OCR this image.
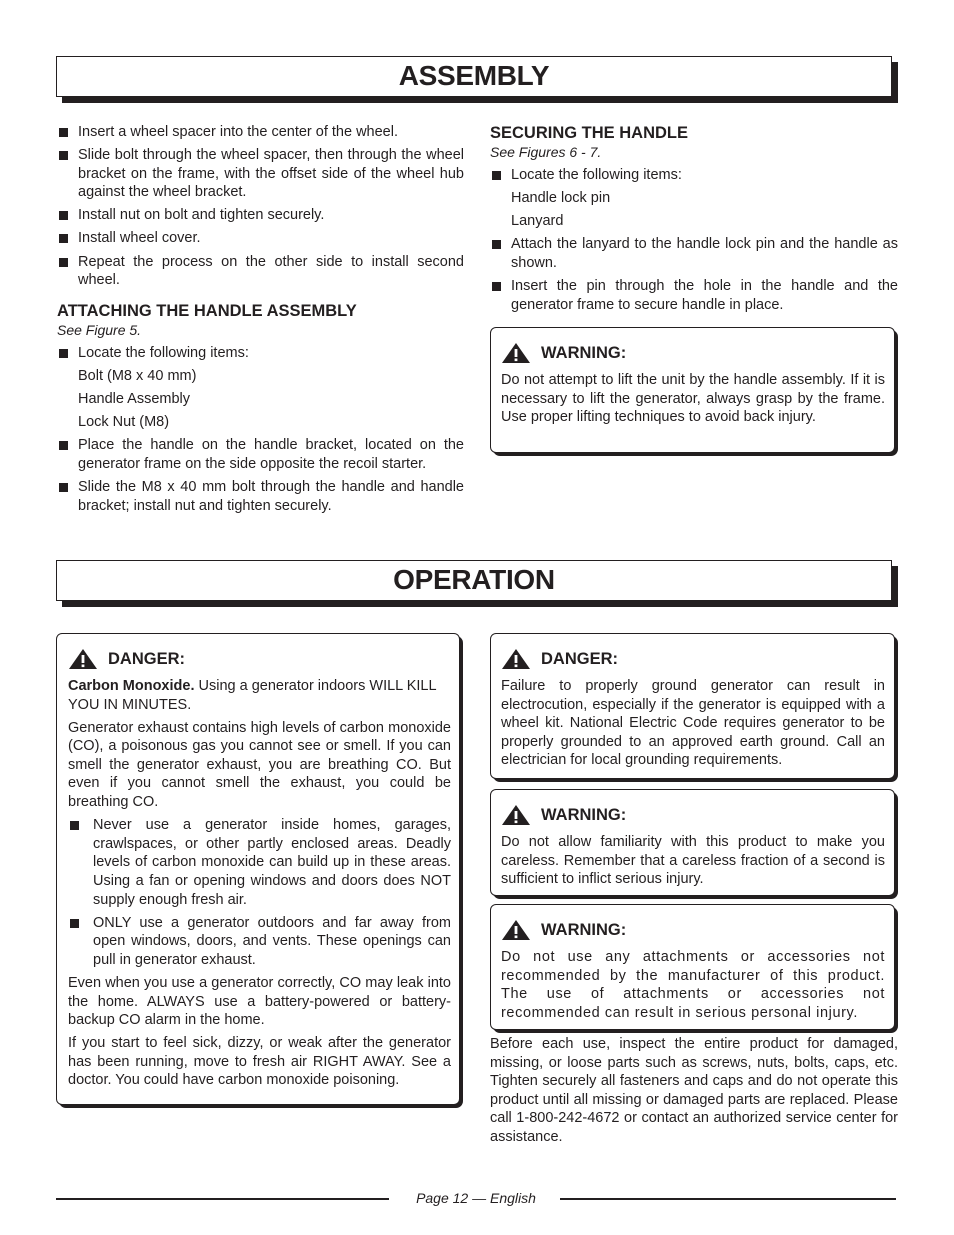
ASSEMBLY
Insert a wheel spacer into the center of the wheel.
Slide bolt through the wheel spacer, then through the wheel bracket on the frame, with the offset side of the wheel hub against the wheel bracket.
Install nut on bolt and tighten securely.
Install wheel cover.
Repeat the process on the other side to install second wheel.
ATTACHING THE HANDLE ASSEMBLY
See Figure 5.
Locate the following items:
Bolt (M8 x 40 mm)
Handle Assembly
Lock Nut (M8)
Place the handle on the handle bracket, located on the generator frame on the side opposite the recoil starter.
Slide the M8 x 40 mm bolt through the handle and handle bracket; install nut and tighten securely.
SECURING THE HANDLE
See Figures 6 - 7.
Locate the following items:
Handle lock pin
Lanyard
Attach the lanyard to the handle lock pin and the handle as shown.
Insert the pin through the hole in the handle and the generator frame to secure handle in place.
WARNING:
Do not attempt to lift the unit by the handle assembly. If it is necessary to lift the generator, always grasp by the frame. Use proper lifting techniques to avoid back injury.
OPERATION
DANGER:
Carbon Monoxide. Using a generator indoors WILL KILL YOU IN MINUTES.
Generator exhaust contains high levels of carbon monoxide (CO), a poisonous gas you cannot see or smell. If you can smell the generator exhaust, you are breathing CO. But even if you cannot smell the exhaust, you could be breathing CO.
Never use a generator inside homes, garages, crawlspaces, or other partly enclosed areas. Deadly levels of carbon monoxide can build up in these areas. Using a fan or opening windows and doors does NOT supply enough fresh air.
ONLY use a generator outdoors and far away from open windows, doors, and vents. These openings can pull in generator exhaust.
Even when you use a generator correctly, CO may leak into the home. ALWAYS use a battery-powered or battery-backup CO alarm in the home.
If you start to feel sick, dizzy, or weak after the generator has been running, move to fresh air RIGHT AWAY. See a doctor. You could have carbon monoxide poisoning.
DANGER:
Failure to properly ground generator can result in electrocution, especially if the generator is equipped with a wheel kit. National Electric Code requires generator to be properly grounded to an approved earth ground. Call an electrician for local grounding requirements.
WARNING:
Do not allow familiarity with this product to make you careless. Remember that a careless fraction of a second is sufficient to inflict serious injury.
WARNING:
Do not use any attachments or accessories not recommended by the manufacturer of this product. The use of attachments or accessories not recommended can result in serious personal injury.
Before each use, inspect the entire product for damaged, missing, or loose parts such as screws, nuts, bolts, caps, etc. Tighten securely all fasteners and caps and do not operate this product until all missing or damaged parts are replaced. Please call 1-800-242-4672 or contact an authorized service center for assistance.
Page 12 — English
